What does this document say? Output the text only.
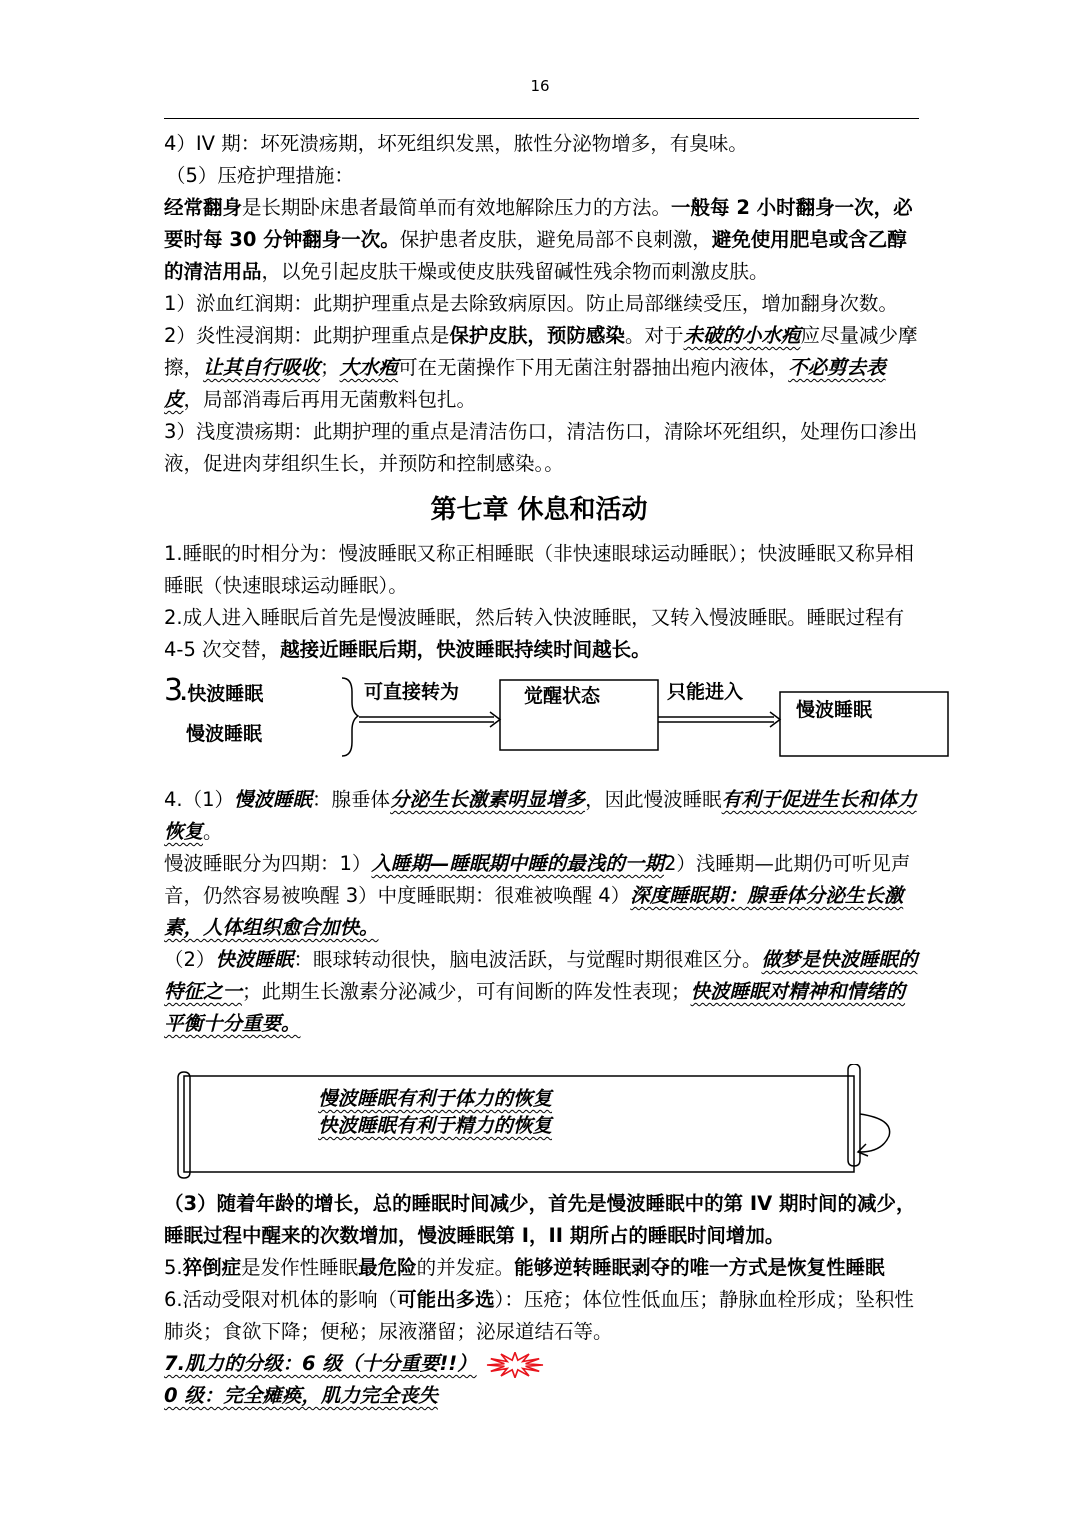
16

4）IV 期：坏死溃疡期，坏死组织发黑，脓性分泌物增多，有臭味。

（5）压疮护理措施：

经常翻身是长期卧床患者最简单而有效地解除压力的方法。一般每 2 小时翻身一次，必要时每 30 分钟翻身一次。保护患者皮肤，避免局部不良刺激，避免使用肥皂或含乙醇的清洁用品，以免引起皮肤干燥或使皮肤残留碱性残余物而刺激皮肤。

1）淤血红润期：此期护理重点是去除致病原因。防止局部继续受压，增加翻身次数。

2）炎性浸润期：此期护理重点是保护皮肤，预防感染。对于未破的小水疱应尽量减少摩擦，让其自行吸收；大水疱可在无菌操作下用无菌注射器抽出疱内液体，不必剪去表皮，局部消毒后再用无菌敷料包扎。

3）浅度溃疡期：此期护理的重点是清洁伤口，清洁伤口，清除坏死组织，处理伤口渗出液，促进肉芽组织生长，并预防和控制感染。。

第七章 休息和活动

1.睡眠的时相分为：慢波睡眠又称正相睡眠（非快速眼球运动睡眠）；快波睡眠又称异相睡眠（快速眼球运动睡眠）。

2.成人进入睡眠后首先是慢波睡眠，然后转入快波睡眠，又转入慢波睡眠。睡眠过程有 4-5 次交替，越接近睡眠后期，快波睡眠持续时间越长。

3
.快波睡眠
慢波睡眠
可直接转为	觉醒状态	只能进入
慢波睡眠

4.（1）慢波睡眠：腺垂体分泌生长激素明显增多，因此慢波睡眠有利于促进生长和体力恢复。

慢波睡眠分为四期：1）入睡期—睡眠期中睡的最浅的一期2）浅睡期—此期仍可听见声音，仍然容易被唤醒 3）中度睡眠期：很难被唤醒 4）深度睡眠期：腺垂体分泌生长激素，人体组织愈合加快。

（2）快波睡眠：眼球转动很快，脑电波活跃，与觉醒时期很难区分。做梦是快波睡眠的特征之一；此期生长激素分泌减少，可有间断的阵发性表现；快波睡眠对精神和情绪的平衡十分重要。

慢波睡眠有利于体力的恢复
快波睡眠有利于精力的恢复

（3）随着年龄的增长，总的睡眠时间减少，首先是慢波睡眠中的第 IV 期时间的减少，睡眠过程中醒来的次数增加，慢波睡眠第 I，II 期所占的睡眠时间增加。

5.猝倒症是发作性睡眠最危险的并发症。能够逆转睡眠剥夺的唯一方式是恢复性睡眠

6.活动受限对机体的影响（可能出多选）：压疮；体位性低血压；静脉血栓形成；坠积性肺炎；食欲下降；便秘；尿液潴留；泌尿道结石等。

7.肌力的分级：6 级（十分重要!!）

0 级：完全瘫痪，肌力完全丧失
